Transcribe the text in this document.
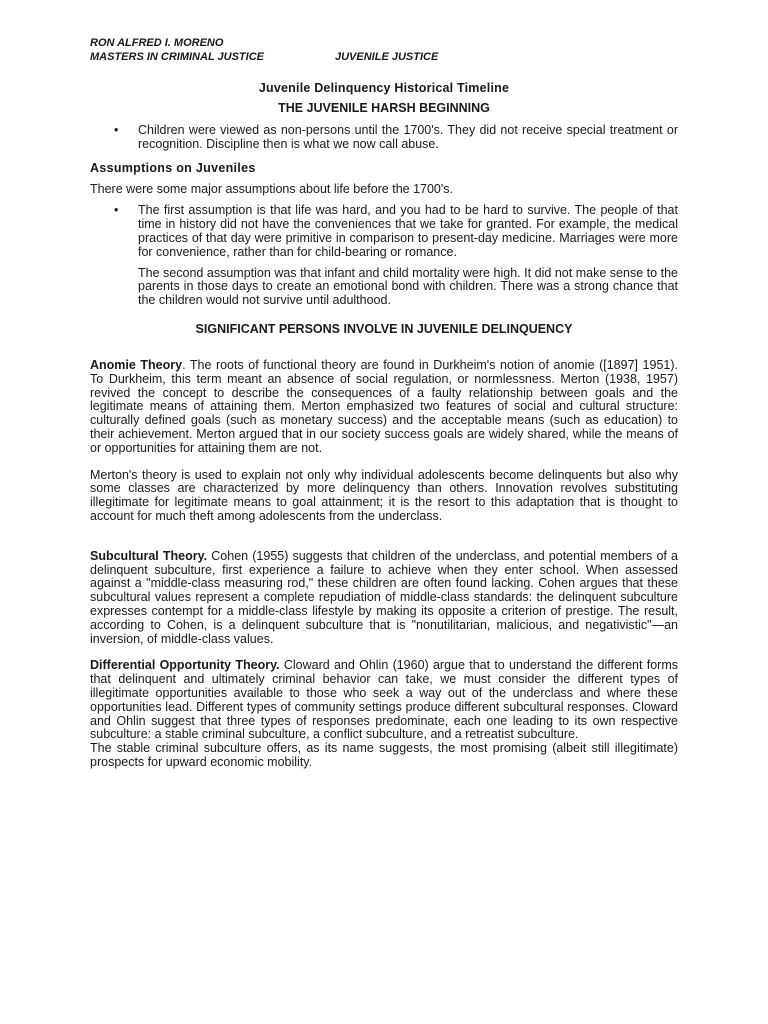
RON ALFRED I. MORENO
MASTERS IN CRIMINAL JUSTICE	JUVENILE JUSTICE
Juvenile Delinquency Historical Timeline
THE JUVENILE HARSH BEGINNING
• Children were viewed as non-persons until the 1700's. They did not receive special treatment or recognition. Discipline then is what we now call abuse.
Assumptions on Juveniles

There were some major assumptions about life before the 1700's.

• The first assumption is that life was hard, and you had to be hard to survive. The people of that time in history did not have the conveniences that we take for granted. For example, the medical practices of that day were primitive in comparison to present-day medicine. Marriages were more for convenience, rather than for child-bearing or romance.

The second assumption was that infant and child mortality were high. It did not make sense to the parents in those days to create an emotional bond with children. There was a strong chance that the children would not survive until adulthood.

SIGNIFICANT PERSONS INVOLVE IN JUVENILE DELINQUENCY

Anomie Theory. The roots of functional theory are found in Durkheim's notion of anomie ([1897] 1951). To Durkheim, this term meant an absence of social regulation, or normlessness. Merton (1938, 1957) revived the concept to describe the consequences of a faulty relationship between goals and the legitimate means of attaining them. Merton emphasized two features of social and cultural structure: culturally defined goals (such as monetary success) and the acceptable means (such as education) to their achievement. Merton argued that in our society success goals are widely shared, while the means of or opportunities for attaining them are not.

Merton's theory is used to explain not only why individual adolescents become delinquents but also why some classes are characterized by more delinquency than others. Innovation revolves substituting illegitimate for legitimate means to goal attainment; it is the resort to this adaptation that is thought to account for much theft among adolescents from the underclass.

Subcultural Theory. Cohen (1955) suggests that children of the underclass, and potential members of a delinquent subculture, first experience a failure to achieve when they enter school. When assessed against a "middle-class measuring rod," these children are often found lacking. Cohen argues that these subcultural values represent a complete repudiation of middle-class standards: the delinquent subculture expresses contempt for a middle-class lifestyle by making its opposite a criterion of prestige. The result, according to Cohen, is a delinquent subculture that is "nonutilitarian, malicious, and negativistic"—an inversion, of middle-class values.

Differential Opportunity Theory. Cloward and Ohlin (1960) argue that to understand the different forms that delinquent and ultimately criminal behavior can take, we must consider the different types of illegitimate opportunities available to those who seek a way out of the underclass and where these opportunities lead. Different types of community settings produce different subcultural responses. Cloward and Ohlin suggest that three types of responses predominate, each one leading to its own respective subculture: a stable criminal subculture, a conflict subculture, and a retreatist subculture.

The stable criminal subculture offers, as its name suggests, the most promising (albeit still illegitimate) prospects for upward economic mobility.
